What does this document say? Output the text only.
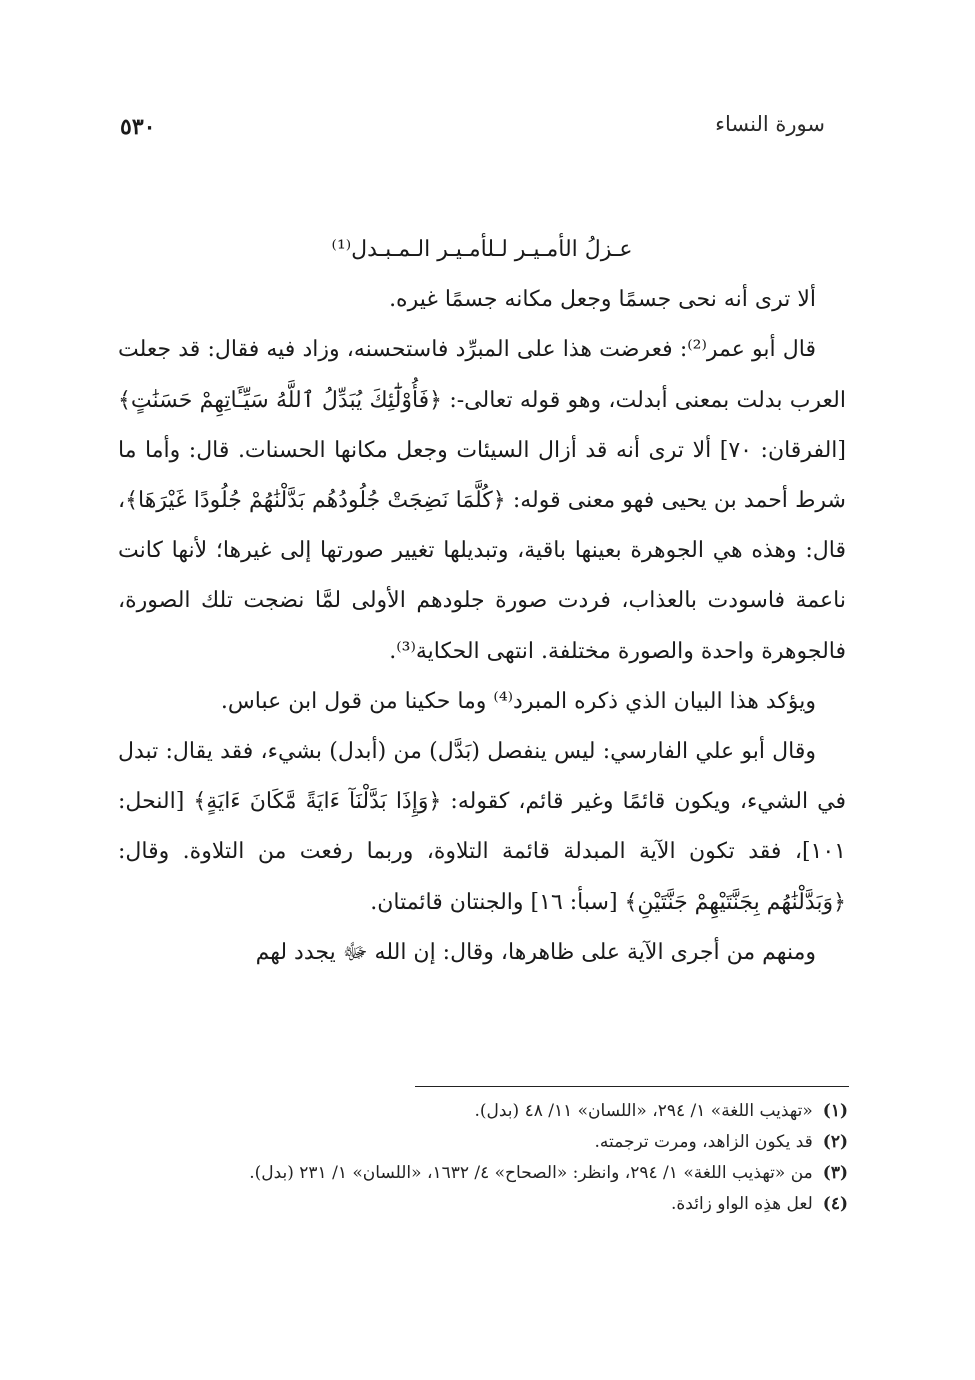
سورة النساء
٥٣٠

عـزلُ الأمـيـر لـلأمـيـر الـمـبـدل⁽¹⁾

ألا ترى أنه نحى جسمًا وجعل مكانه جسمًا غيره.

قال أبو عمر⁽²⁾: فعرضت هذا على المبرِّد فاستحسنه، وزاد فيه فقال: قد جعلت العرب بدلت بمعنى أبدلت، وهو قوله تعالى-: ﴿فَأُوْلَٰٓئِكَ يُبَدِّلُ ٱللَّهُ سَيِّـَٔاتِهِمْ حَسَنَٰتٍ﴾ [الفرقان: ٧٠] ألا ترى أنه قد أزال السيئات وجعل مكانها الحسنات. قال: وأما ما شرط أحمد بن يحيى فهو معنى قوله: ﴿كُلَّمَا نَضِجَتْ جُلُودُهُم بَدَّلْنَٰهُمْ جُلُودًا غَيْرَهَا﴾، قال: وهذه هي الجوهرة بعينها باقية، وتبديلها تغيير صورتها إلى غيرها؛ لأنها كانت ناعمة فاسودت بالعذاب، فردت صورة جلودهم الأولى لمَّا نضجت تلك الصورة، فالجوهرة واحدة والصورة مختلفة. انتهى الحكاية⁽³⁾.

ويؤكد هذا البيان الذي ذكره المبرد⁽⁴⁾ وما حكينا من قول ابن عباس.

وقال أبو علي الفارسي: ليس ينفصل (بَدَّل) من (أبدل) بشيء، فقد يقال: تبدل في الشيء، ويكون قائمًا وغير قائم، كقوله: ﴿وَإِذَا بَدَّلْنَآ ءَايَةً مَّكَانَ ءَايَةٍ﴾ [النحل: ١٠١]، فقد تكون الآية المبدلة قائمة التلاوة، وربما رفعت من التلاوة. وقال: ﴿وَبَدَّلْنَٰهُم بِجَنَّتَيْهِمْ جَنَّتَيْنِ﴾ [سبأ: ١٦] والجنتان قائمتان.

ومنهم من أجرى الآية على ظاهرها، وقال: إن الله ﷻ يجدد لهم

(١)
«تهذيب اللغة» ١/ ٢٩٤، «اللسان» ١١/ ٤٨ (بدل).
(٢)
قد يكون الزاهد، ومرت ترجمته.
(٣)
من «تهذيب اللغة» ١/ ٢٩٤، وانظر: «الصحاح» ٤/ ١٦٣٢، «اللسان» ١/ ٢٣١ (بدل).
(٤)
لعل هذِه الواو زائدة.
